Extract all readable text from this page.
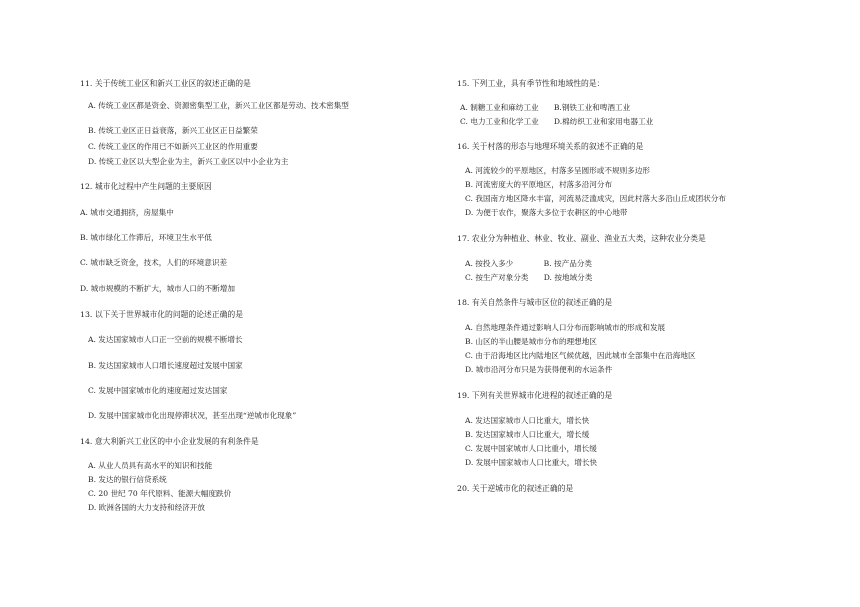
11. 关于传统工业区和新兴工业区的叙述正确的是
A. 传统工业区都是资金、资源密集型工业，新兴工业区都是劳动、技术密集型
B. 传统工业区正日益衰落，新兴工业区正日益繁荣
C. 传统工业区的作用已不如新兴工业区的作用重要
D. 传统工业区以大型企业为主，新兴工业区以中小企业为主
12. 城市化过程中产生问题的主要原因
A. 城市交通拥挤，房屋集中
B. 城市绿化工作滞后，环境卫生水平低
C. 城市缺乏资金，技术，人们的环境意识差
D. 城市规模的不断扩大，城市人口的不断增加
13. 以下关于世界城市化的问题的论述正确的是
A. 发达国家城市人口正一空前的规模不断增长
B. 发达国家城市人口增长速度超过发展中国家
C. 发展中国家城市化的速度超过发达国家
D. 发展中国家城市化出现停滞状况，甚至出现“逆城市化现象”
14. 意大利新兴工业区的中小企业发展的有利条件是
A. 从业人员具有高水平的知识和技能
B. 发达的银行信贷系统
C. 20 世纪 70 年代原料、能源大幅度跌价
D. 欧洲各国的大力支持和经济开放
15. 下列工业，具有季节性和地域性的是：
A. 制糖工业和麻纺工业　　B.钢铁工业和啤酒工业
C. 电力工业和化学工业　　D.棉纺织工业和家用电器工业
16. 关于村落的形态与地理环境关系的叙述不正确的是
A. 河流较少的平原地区，村落多呈圆形或不规则多边形
B. 河流密度大的平原地区，村落多沿河分布
C. 我国南方地区降水丰富，河流易泛滥成灾，因此村落大多沿山丘成团状分布
D. 为便于农作，聚落大多位于农耕区的中心地带
17. 农业分为种植业、林业、牧业、副业、渔业五大类，这种农业分类是
A. 按投入多少　　　　B. 按产品分类
C. 按生产对象分类　　D. 按地域分类
18. 有关自然条件与城市区位的叙述正确的是
A. 自然地理条件通过影响人口分布而影响城市的形成和发展
B. 山区的半山腰是城市分布的理想地区
C. 由于沿海地区比内陆地区气候优越，因此城市全部集中在沿海地区
D. 城市沿河分布只是为获得便利的水运条件
19. 下列有关世界城市化进程的叙述正确的是
A. 发达国家城市人口比重大，增长快
B. 发达国家城市人口比重大，增长缓
C. 发展中国家城市人口比重小，增长缓
D. 发展中国家城市人口比重大，增长快
20. 关于逆城市化的叙述正确的是
